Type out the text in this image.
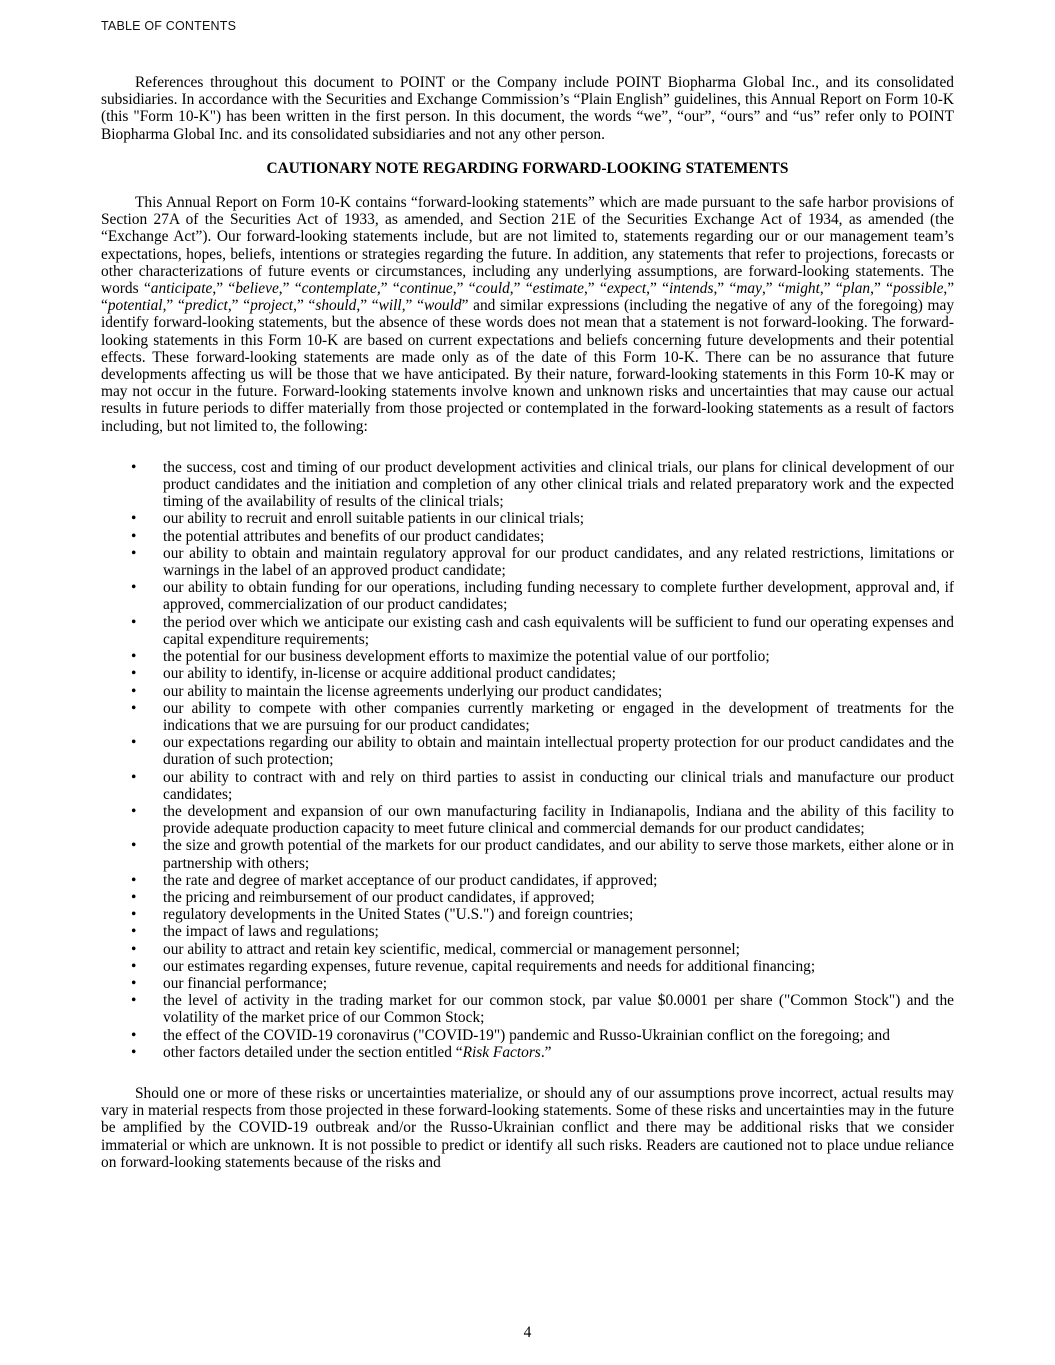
TABLE OF CONTENTS

References throughout this document to POINT or the Company include POINT Biopharma Global Inc., and its consolidated subsidiaries. In accordance with the Securities and Exchange Commission’s “Plain English” guidelines, this Annual Report on Form 10-K (this "Form 10-K") has been written in the first person. In this document, the words “we”, “our”, “ours” and “us” refer only to POINT Biopharma Global Inc. and its consolidated subsidiaries and not any other person.

CAUTIONARY NOTE REGARDING FORWARD-LOOKING STATEMENTS

This Annual Report on Form 10-K contains “forward-looking statements” which are made pursuant to the safe harbor provisions of Section 27A of the Securities Act of 1933, as amended, and Section 21E of the Securities Exchange Act of 1934, as amended (the “Exchange Act”). Our forward-looking statements include, but are not limited to, statements regarding our or our management team’s expectations, hopes, beliefs, intentions or strategies regarding the future. In addition, any statements that refer to projections, forecasts or other characterizations of future events or circumstances, including any underlying assumptions, are forward-looking statements. The words “anticipate,” “believe,” “contemplate,” “continue,” “could,” “estimate,” “expect,” “intends,” “may,” “might,” “plan,” “possible,” “potential,” “predict,” “project,” “should,” “will,” “would” and similar expressions (including the negative of any of the foregoing) may identify forward-looking statements, but the absence of these words does not mean that a statement is not forward-looking. The forward-looking statements in this Form 10-K are based on current expectations and beliefs concerning future developments and their potential effects. These forward-looking statements are made only as of the date of this Form 10-K. There can be no assurance that future developments affecting us will be those that we have anticipated. By their nature, forward-looking statements in this Form 10-K may or may not occur in the future. Forward-looking statements involve known and unknown risks and uncertainties that may cause our actual results in future periods to differ materially from those projected or contemplated in the forward-looking statements as a result of factors including, but not limited to, the following:

• the success, cost and timing of our product development activities and clinical trials, our plans for clinical development of our product candidates and the initiation and completion of any other clinical trials and related preparatory work and the expected timing of the availability of results of the clinical trials;
• our ability to recruit and enroll suitable patients in our clinical trials;
• the potential attributes and benefits of our product candidates;
• our ability to obtain and maintain regulatory approval for our product candidates, and any related restrictions, limitations or warnings in the label of an approved product candidate;
• our ability to obtain funding for our operations, including funding necessary to complete further development, approval and, if approved, commercialization of our product candidates;
• the period over which we anticipate our existing cash and cash equivalents will be sufficient to fund our operating expenses and capital expenditure requirements;
• the potential for our business development efforts to maximize the potential value of our portfolio;
• our ability to identify, in-license or acquire additional product candidates;
• our ability to maintain the license agreements underlying our product candidates;
• our ability to compete with other companies currently marketing or engaged in the development of treatments for the indications that we are pursuing for our product candidates;
• our expectations regarding our ability to obtain and maintain intellectual property protection for our product candidates and the duration of such protection;
• our ability to contract with and rely on third parties to assist in conducting our clinical trials and manufacture our product candidates;
• the development and expansion of our own manufacturing facility in Indianapolis, Indiana and the ability of this facility to provide adequate production capacity to meet future clinical and commercial demands for our product candidates;
• the size and growth potential of the markets for our product candidates, and our ability to serve those markets, either alone or in partnership with others;
• the rate and degree of market acceptance of our product candidates, if approved;
• the pricing and reimbursement of our product candidates, if approved;
• regulatory developments in the United States ("U.S.") and foreign countries;
• the impact of laws and regulations;
• our ability to attract and retain key scientific, medical, commercial or management personnel;
• our estimates regarding expenses, future revenue, capital requirements and needs for additional financing;
• our financial performance;
• the level of activity in the trading market for our common stock, par value $0.0001 per share ("Common Stock") and the volatility of the market price of our Common Stock;
• the effect of the COVID-19 coronavirus ("COVID-19") pandemic and Russo-Ukrainian conflict on the foregoing; and
• other factors detailed under the section entitled “Risk Factors.”

Should one or more of these risks or uncertainties materialize, or should any of our assumptions prove incorrect, actual results may vary in material respects from those projected in these forward-looking statements. Some of these risks and uncertainties may in the future be amplified by the COVID-19 outbreak and/or the Russo-Ukrainian conflict and there may be additional risks that we consider immaterial or which are unknown. It is not possible to predict or identify all such risks. Readers are cautioned not to place undue reliance on forward-looking statements because of the risks and

4
